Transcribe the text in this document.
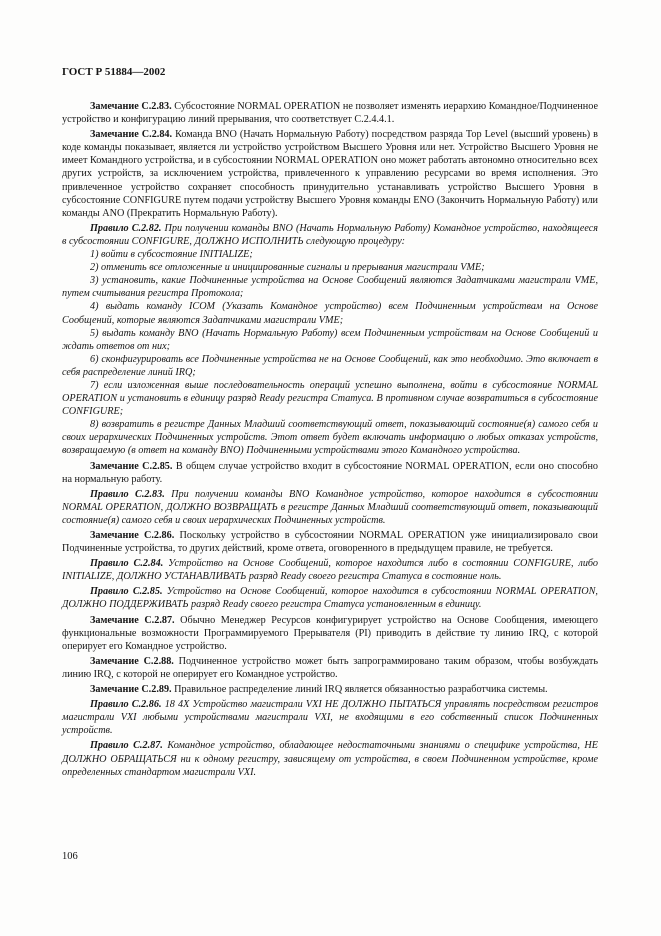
ГОСТ Р 51884—2002

Замечание С.2.83. Субсостояние NORMAL OPERATION не позволяет изменять иерархию Командное/Подчиненное устройство и конфигурацию линий прерывания, что соответствует С.2.4.4.1.

Замечание С.2.84. Команда BNO (Начать Нормальную Работу) посредством разряда Top Level (высший уровень) в коде команды показывает, является ли устройство устройством Высшего Уровня или нет. Устройство Высшего Уровня не имеет Командного устройства, и в субсостоянии NORMAL OPERATION оно может работать автономно относительно всех других устройств, за исключением устройства, привлеченного к управлению ресурсами во время исполнения. Это привлеченное устройство сохраняет способность принудительно устанавливать устройство Высшего Уровня в субсостояние CONFIGURE путем подачи устройству Высшего Уровня команды ENO (Закончить Нормальную Работу) или команды ANO (Прекратить Нормальную Работу).

Правило С.2.82. При получении команды BNO (Начать Нормальную Работу) Командное устройство, находящееся в субсостоянии CONFIGURE, ДОЛЖНО ИСПОЛНИТЬ следующую процедуру:

1) войти в субсостояние INITIALIZE;

2) отменить все отложенные и инициированные сигналы и прерывания магистрали VME;

3) установить, какие Подчиненные устройства на Основе Сообщений являются Задатчиками магистрали VME, путем считывания регистра Протокола;

4) выдать команду ICOM (Указать Командное устройство) всем Подчиненным устройствам на Основе Сообщений, которые являются Задатчиками магистрали VME;

5) выдать команду BNO (Начать Нормальную Работу) всем Подчиненным устройствам на Основе Сообщений и ждать ответов от них;

6) сконфигурировать все Подчиненные устройства не на Основе Сообщений, как это необходимо. Это включает в себя распределение линий IRQ;

7) если изложенная выше последовательность операций успешно выполнена, войти в субсостояние NORMAL OPERATION и установить в единицу разряд Ready регистра Статуса. В противном случае возвратиться в субсостояние CONFIGURE;

8) возвратить в регистре Данных Младший соответствующий ответ, показывающий состояние(я) самого себя и своих иерархических Подчиненных устройств. Этот ответ будет включать информацию о любых отказах устройств, возвращаемую (в ответ на команду BNO) Подчиненными устройствами этого Командного устройства.

Замечание С.2.85. В общем случае устройство входит в субсостояние NORMAL OPERATION, если оно способно на нормальную работу.

Правило С.2.83. При получении команды BNO Командное устройство, которое находится в субсостоянии NORMAL OPERATION, ДОЛЖНО ВОЗВРАЩАТЬ в регистре Данных Младший соответствующий ответ, показывающий состояние(я) самого себя и своих иерархических Подчиненных устройств.

Замечание С.2.86. Поскольку устройство в субсостоянии NORMAL OPERATION уже инициализировало свои Подчиненные устройства, то других действий, кроме ответа, оговоренного в предыдущем правиле, не требуется.

Правило С.2.84. Устройство на Основе Сообщений, которое находится либо в состоянии CONFIGURE, либо INITIALIZE, ДОЛЖНО УСТАНАВЛИВАТЬ разряд Ready своего регистра Статуса в состояние ноль.

Правило С.2.85. Устройство на Основе Сообщений, которое находится в субсостоянии NORMAL OPERATION, ДОЛЖНО ПОДДЕРЖИВАТЬ разряд Ready своего регистра Статуса установленным в единицу.

Замечание С.2.87. Обычно Менеджер Ресурсов конфигурирует устройство на Основе Сообщения, имеющего функциональные возможности Программируемого Прерывателя (PI) приводить в действие ту линию IRQ, с которой оперирует его Командное устройство.

Замечание С.2.88. Подчиненное устройство может быть запрограммировано таким образом, чтобы возбуждать линию IRQ, с которой не оперирует его Командное устройство.

Замечание С.2.89. Правильное распределение линий IRQ является обязанностью разработчика системы.

Правило С.2.86. 18 4X Устройство магистрали VXI НЕ ДОЛЖНО ПЫТАТЬСЯ управлять посредством регистров магистрали VXI любыми устройствами магистрали VXI, не входящими в его собственный список Подчиненных устройств.

Правило С.2.87. Командное устройство, обладающее недостаточными знаниями о специфике устройства, НЕ ДОЛЖНО ОБРАЩАТЬСЯ ни к одному регистру, зависящему от устройства, в своем Подчиненном устройстве, кроме определенных стандартом магистрали VXI.

106
